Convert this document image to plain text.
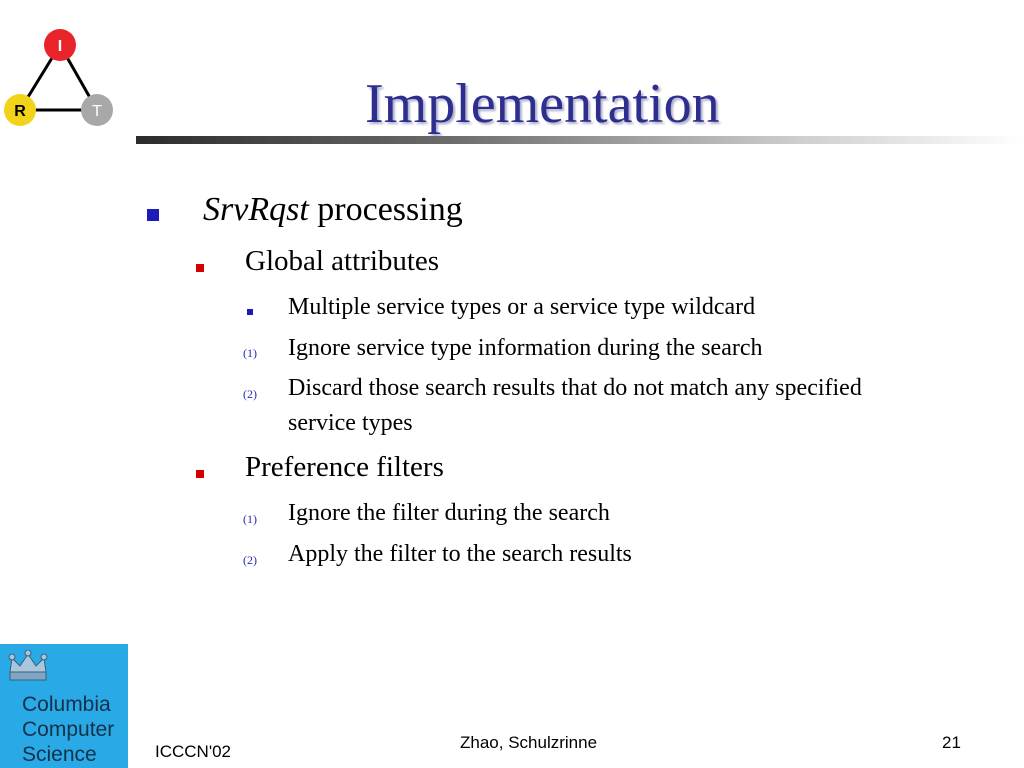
I
R	T	Implementation
SrvRqst processing
Global attributes
Multiple service types or a service type wildcard
(1) Ignore service type information during the search
(2) Discard those search results that do not match any specified
service types
Preference filters
(1) Ignore the filter during the search
(2) Apply the filter to the search results
Columbia
Computer
Science	ICCCN'02	Zhao, Schulzrinne	21
